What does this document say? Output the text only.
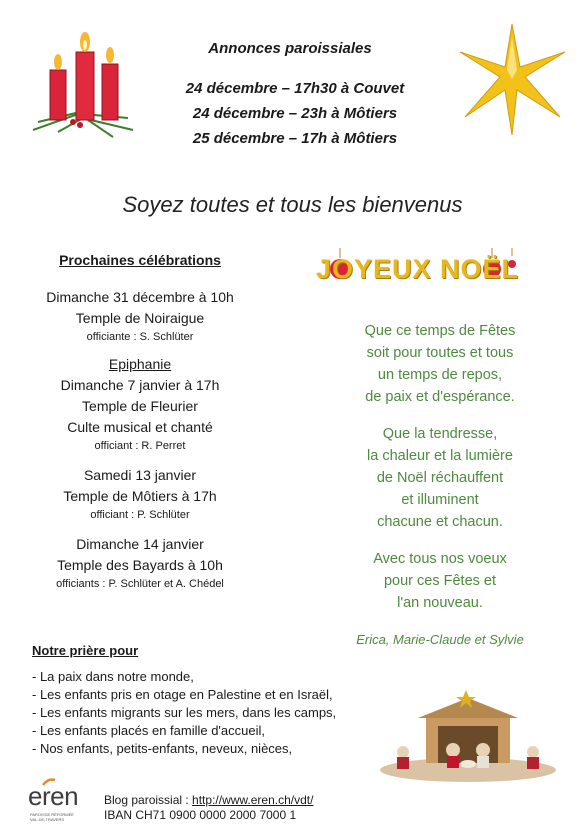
Annonces paroissiales
24 décembre – 17h30 à Couvet
24 décembre – 23h à Môtiers
25 décembre – 17h à Môtiers
Soyez toutes et tous les bienvenus
Prochaines célébrations
Dimanche 31 décembre à 10h
Temple de Noiraigue
officiante : S. Schlüter
Epiphanie
Dimanche 7 janvier à 17h
Temple de Fleurier
Culte musical et chanté
officiant : R. Perret
Samedi 13 janvier
Temple de Môtiers à 17h
officiant : P. Schlüter
Dimanche 14 janvier
Temple des Bayards à 10h
officiants : P. Schlüter et A. Chédel
JOYEUX NOËL
Que ce temps de Fêtes
soit pour toutes et tous
un temps de repos,
de paix et d'espérance.
Que la tendresse,
la chaleur et la lumière
de Noël réchauffent
et illuminent
chacune et chacun.
Avec tous nos voeux
pour ces Fêtes et
l'an nouveau.
Erica, Marie-Claude et Sylvie
Notre prière pour
- La paix dans notre monde,
- Les enfants pris en otage en Palestine et en Israël,
- Les enfants migrants sur les mers, dans les camps,
- Les enfants placés en famille d'accueil,
- Nos enfants, petits-enfants, neveux, nièces,
eren
PAROISSE RÉFORMÉE
VAL-DE-TRAVERS
Blog paroissial : http://www.eren.ch/vdt/
IBAN CH71 0900 0000 2000 7000 1
